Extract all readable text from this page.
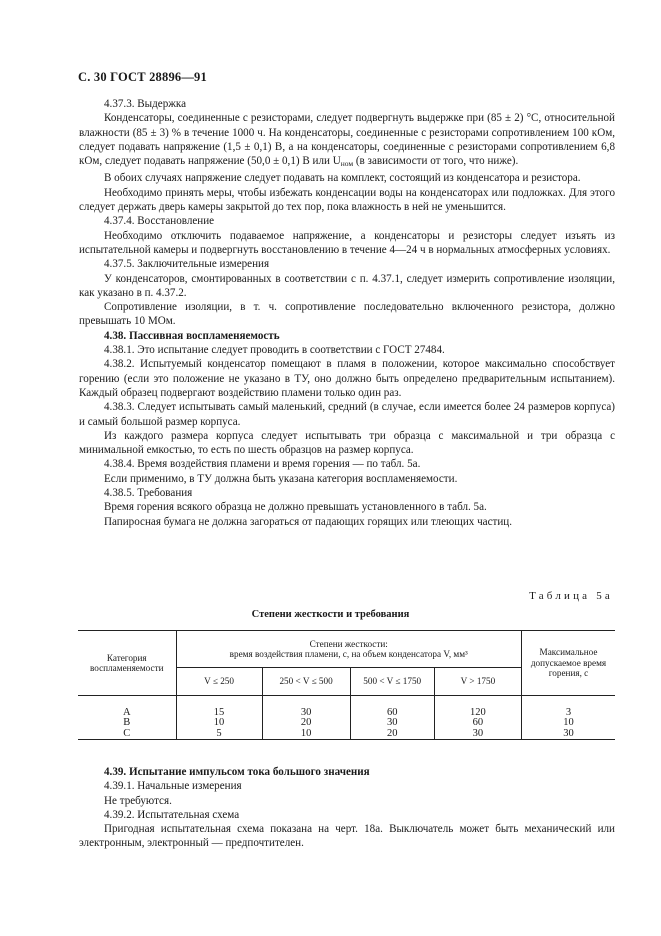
С. 30 ГОСТ 28896—91

4.37.3. Выдержка

Конденсаторы, соединенные с резисторами, следует подвергнуть выдержке при (85 ± 2) °С, относительной влажности (85 ± 3) % в течение 1000 ч. На конденсаторы, соединенные с резисторами сопротивлением 100 кОм, следует подавать напряжение (1,5 ± 0,1) В, а на конденсаторы, соединенные с резисторами сопротивлением 6,8 кОм, следует подавать напряжение (50,0 ± 0,1) В или $U_{ном}$ (в зависимости от того, что ниже).

В обоих случаях напряжение следует подавать на комплект, состоящий из конденсатора и резистора.

Необходимо принять меры, чтобы избежать конденсации воды на конденсаторах или подложках. Для этого следует держать дверь камеры закрытой до тех пор, пока влажность в ней не уменьшится.

4.37.4. Восстановление

Необходимо отключить подаваемое напряжение, а конденсаторы и резисторы следует изъять из испытательной камеры и подвергнуть восстановлению в течение 4—24 ч в нормальных атмосферных условиях.

4.37.5. Заключительные измерения

У конденсаторов, смонтированных в соответствии с п. 4.37.1, следует измерить сопротивление изоляции, как указано в п. 4.37.2.

Сопротивление изоляции, в т. ч. сопротивление последовательно включенного резистора, должно превышать 10 МОм.

4.38. Пассивная воспламеняемость

4.38.1. Это испытание следует проводить в соответствии с ГОСТ 27484.

4.38.2. Испытуемый конденсатор помещают в пламя в положении, которое максимально способствует горению (если это положение не указано в ТУ, оно должно быть определено предварительным испытанием). Каждый образец подвергают воздействию пламени только один раз.

4.38.3. Следует испытывать самый маленький, средний (в случае, если имеется более 24 размеров корпуса) и самый большой размер корпуса.

Из каждого размера корпуса следует испытывать три образца с максимальной и три образца с минимальной емкостью, то есть по шесть образцов на размер корпуса.

4.38.4. Время воздействия пламени и время горения — по табл. 5а.

Если применимо, в ТУ должна быть указана категория воспламеняемости.

4.38.5. Требования

Время горения всякого образца не должно превышать установленного в табл. 5а.

Папиросная бумага не должна загораться от падающих горящих или тлеющих частиц.

Таблица 5а
Степени жесткости и требования
Категория воспламеняемости	Степени жесткости:
время воздействия пламени, с, на объем конденсатора V, мм³				Максимальное допускаемое время горения, с

	V ≤ 250	250 < V ≤ 500	500 < V ≤ 1750	V > 1750	

А	15	30	60	120	3
В	10	20	30	60	10
С	5	10	20	30	30

4.39. Испытание импульсом тока большого значения

4.39.1. Начальные измерения

Не требуются.

4.39.2. Испытательная схема

Пригодная испытательная схема показана на черт. 18а. Выключатель может быть механический или электронным, электронный — предпочтителен.
